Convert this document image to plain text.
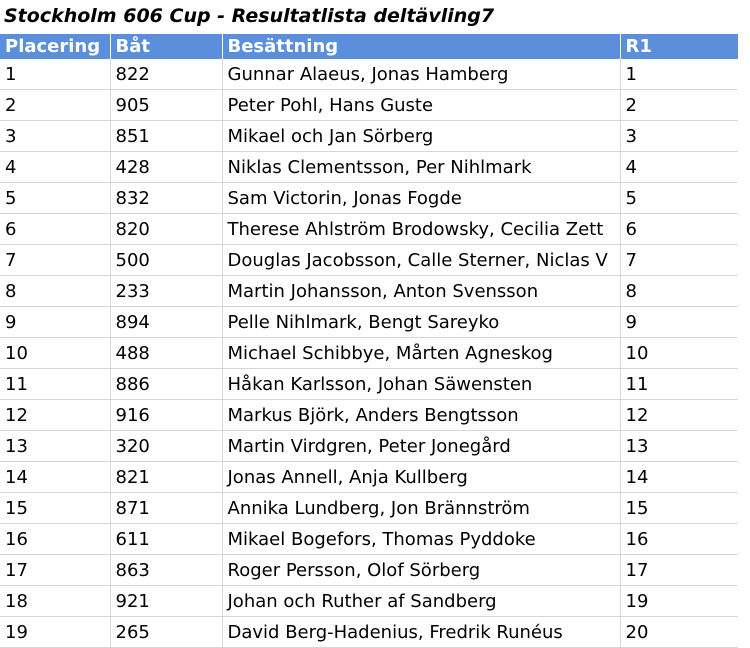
Stockholm 606 Cup - Resultatlista deltävling7
Placering	Båt	Besättning	R1
1	822	Gunnar Alaeus, Jonas Hamberg	1
2	905	Peter Pohl, Hans Guste	2
3	851	Mikael och Jan Sörberg	3
4	428	Niklas Clementsson, Per Nihlmark	4
5	832	Sam Victorin, Jonas Fogde	5
6	820	Therese Ahlström Brodowsky, Cecilia Zett	6
7	500	Douglas Jacobsson, Calle Sterner, Niclas V	7
8	233	Martin Johansson, Anton Svensson	8
9	894	Pelle Nihlmark, Bengt Sareyko	9
10	488	Michael Schibbye, Mårten Agneskog	10
11	886	Håkan Karlsson, Johan Säwensten	11
12	916	Markus Björk, Anders Bengtsson	12
13	320	Martin Virdgren, Peter Jonegård	13
14	821	Jonas Annell, Anja Kullberg	14
15	871	Annika Lundberg, Jon Brännström	15
16	611	Mikael Bogefors, Thomas Pyddoke	16
17	863	Roger Persson, Olof Sörberg	17
18	921	Johan och Ruther af Sandberg	19
19	265	David Berg-Hadenius, Fredrik Runéus	20
